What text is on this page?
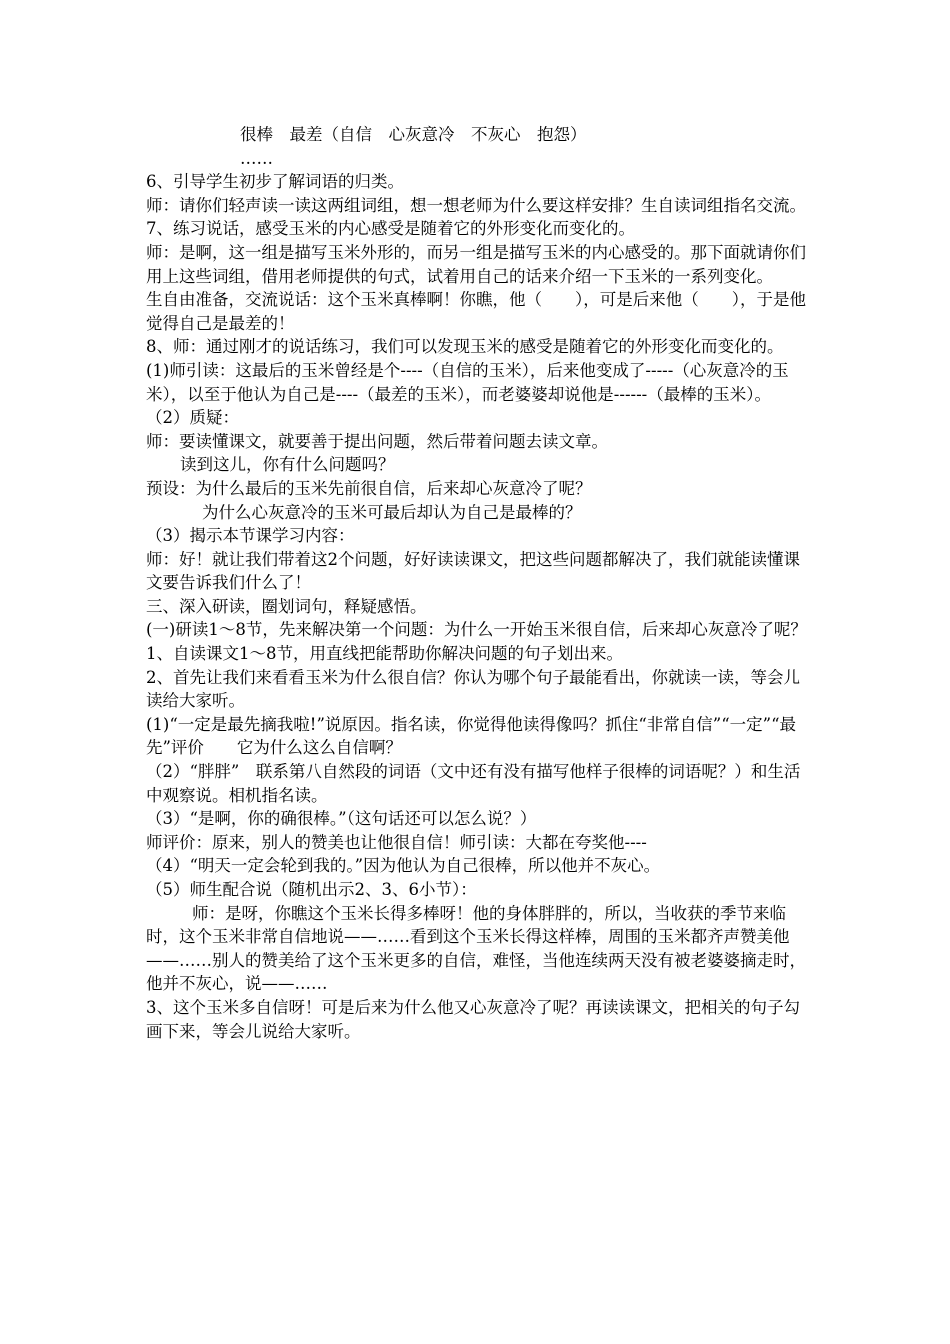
很棒　最差（自信　心灰意冷　不灰心　抱怨）

……

6、引导学生初步了解词语的归类。

师：请你们轻声读一读这两组词组，想一想老师为什么要这样安排？生自读词组指名交流。

7、练习说话，感受玉米的内心感受是随着它的外形变化而变化的。

师：是啊，这一组是描写玉米外形的，而另一组是描写玉米的内心感受的。那下面就请你们用上这些词组，借用老师提供的句式，试着用自己的话来介绍一下玉米的一系列变化。

生自由准备，交流说话：这个玉米真棒啊！你瞧，他（　　），可是后来他（　　），于是他觉得自己是最差的！

8、师：通过刚才的说话练习，我们可以发现玉米的感受是随着它的外形变化而变化的。

(1)师引读：这最后的玉米曾经是个----（自信的玉米），后来他变成了-----（心灰意冷的玉米），以至于他认为自己是----（最差的玉米），而老婆婆却说他是------（最棒的玉米）。

（2）质疑：

师：要读懂课文，就要善于提出问题，然后带着问题去读文章。

读到这儿，你有什么问题吗？

预设：为什么最后的玉米先前很自信，后来却心灰意冷了呢？

为什么心灰意冷的玉米可最后却认为自己是最棒的？

（3）揭示本节课学习内容：

师：好！就让我们带着这2个问题，好好读读课文，把这些问题都解决了，我们就能读懂课文要告诉我们什么了！

三、深入研读，圈划词句，释疑感悟。

(一)研读1～8节，先来解决第一个问题：为什么一开始玉米很自信，后来却心灰意冷了呢？

1、自读课文1～8节，用直线把能帮助你解决问题的句子划出来。

2、首先让我们来看看玉米为什么很自信？你认为哪个句子最能看出，你就读一读，等会儿读给大家听。

(1)“一定是最先摘我啦!”说原因。指名读，你觉得他读得像吗？抓住“非常自信”“一定”“最先”评价　　它为什么这么自信啊？

（2）“胖胖”　联系第八自然段的词语（文中还有没有描写他样子很棒的词语呢？）和生活中观察说。相机指名读。

（3）“是啊，你的确很棒。”（这句话还可以怎么说？）

师评价：原来，别人的赞美也让他很自信！师引读：大都在夸奖他----

（4）“明天一定会轮到我的。”因为他认为自己很棒，所以他并不灰心。

（5）师生配合说（随机出示2、3、6小节）：

师：是呀，你瞧这个玉米长得多棒呀！他的身体胖胖的，所以，当收获的季节来临时，这个玉米非常自信地说——……看到这个玉米长得这样棒，周围的玉米都齐声赞美他——……别人的赞美给了这个玉米更多的自信，难怪，当他连续两天没有被老婆婆摘走时，他并不灰心，说——……

3、这个玉米多自信呀！可是后来为什么他又心灰意冷了呢？再读读课文，把相关的句子勾画下来，等会儿说给大家听。
